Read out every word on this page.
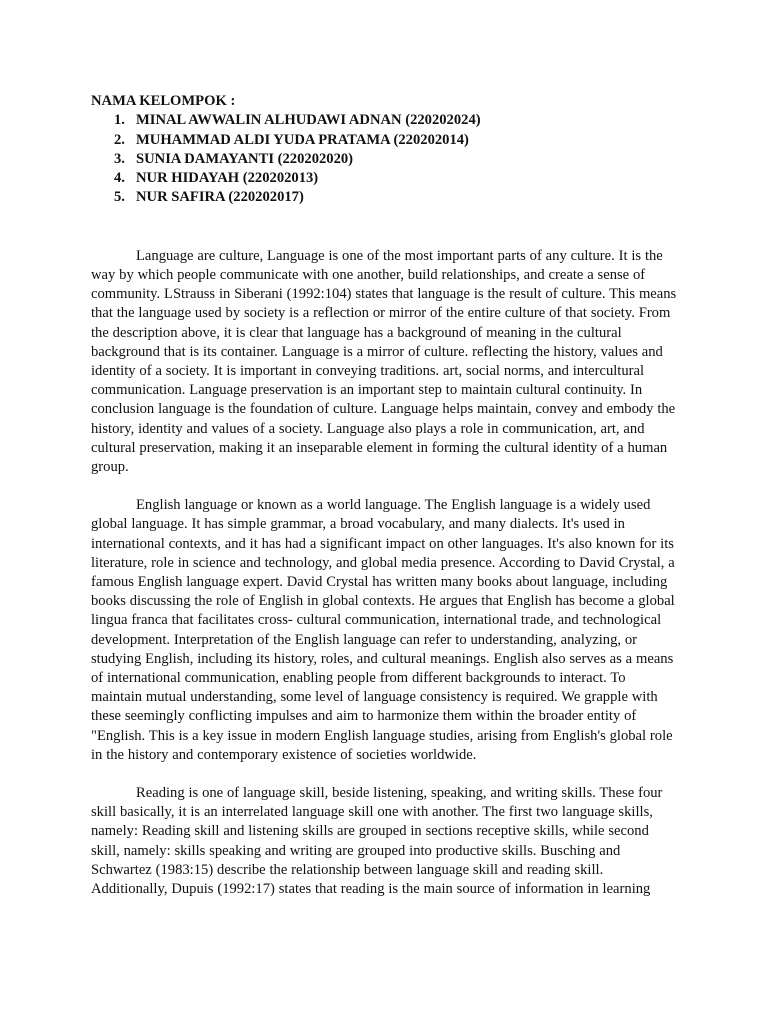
NAMA KELOMPOK :

1. MINAL AWWALIN ALHUDAWI ADNAN (220202024)
2. MUHAMMAD ALDI YUDA PRATAMA (220202014)
3. SUNIA DAMAYANTI (220202020)
4. NUR HIDAYAH (220202013)
5. NUR SAFIRA (220202017)

Language are culture, Language is one of the most important parts of any culture. It is the way by which people communicate with one another, build relationships, and create a sense of community. LStrauss in Siberani (1992:104) states that language is the result of culture. This means that the language used by society is a reflection or mirror of the entire culture of that society. From the description above, it is clear that language has a background of meaning in the cultural background that is its container. Language is a mirror of culture. reflecting the history, values and identity of a society. It is important in conveying traditions. art, social norms, and intercultural communication. Language preservation is an important step to maintain cultural continuity. In conclusion language is the foundation of culture. Language helps maintain, convey and embody the history, identity and values of a society. Language also plays a role in communication, art, and cultural preservation, making it an inseparable element in forming the cultural identity of a human group.

English language or known as a world language. The English language is a widely used global language. It has simple grammar, a broad vocabulary, and many dialects. It's used in international contexts, and it has had a significant impact on other languages. It's also known for its literature, role in science and technology, and global media presence. According to David Crystal, a famous English language expert. David Crystal has written many books about language, including books discussing the role of English in global contexts. He argues that English has become a global lingua franca that facilitates cross- cultural communication, international trade, and technological development. Interpretation of the English language can refer to understanding, analyzing, or studying English, including its history, roles, and cultural meanings. English also serves as a means of international communication, enabling people from different backgrounds to interact. To maintain mutual understanding, some level of language consistency is required. We grapple with these seemingly conflicting impulses and aim to harmonize them within the broader entity of "English. This is a key issue in modern English language studies, arising from English's global role in the history and contemporary existence of societies worldwide.

Reading is one of language skill, beside listening, speaking, and writing skills. These four skill basically, it is an interrelated language skill one with another. The first two language skills, namely: Reading skill and listening skills are grouped in sections receptive skills, while second skill, namely: skills speaking and writing are grouped into productive skills. Busching and Schwartez (1983:15) describe the relationship between language skill and reading skill. Additionally, Dupuis (1992:17) states that reading is the main source of information in learning
